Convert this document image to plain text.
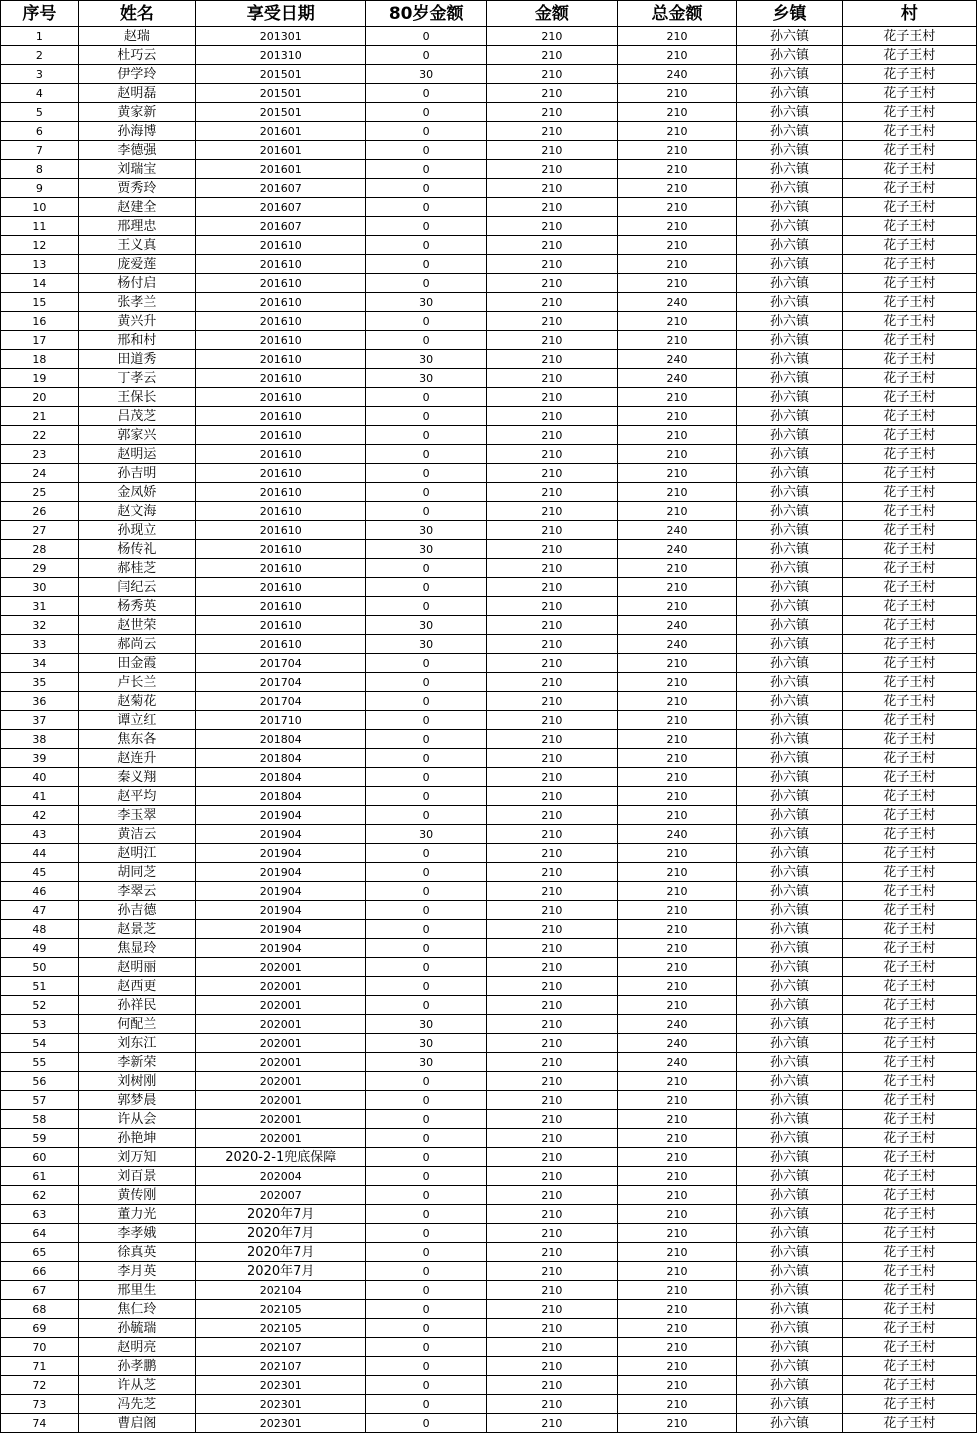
序号	姓名	享受日期	80岁金额	金额	总金额	乡镇	村
1	赵瑞	201301	0	210	210	孙六镇	花子王村
2	杜巧云	201310	0	210	210	孙六镇	花子王村
3	伊学玲	201501	30	210	240	孙六镇	花子王村
4	赵明磊	201501	0	210	210	孙六镇	花子王村
5	黄家新	201501	0	210	210	孙六镇	花子王村
6	孙海博	201601	0	210	210	孙六镇	花子王村
7	李德强	201601	0	210	210	孙六镇	花子王村
8	刘瑞宝	201601	0	210	210	孙六镇	花子王村
9	贾秀玲	201607	0	210	210	孙六镇	花子王村
10	赵建全	201607	0	210	210	孙六镇	花子王村
11	邢理忠	201607	0	210	210	孙六镇	花子王村
12	王义真	201610	0	210	210	孙六镇	花子王村
13	庞爱莲	201610	0	210	210	孙六镇	花子王村
14	杨付启	201610	0	210	210	孙六镇	花子王村
15	张孝兰	201610	30	210	240	孙六镇	花子王村
16	黄兴升	201610	0	210	210	孙六镇	花子王村
17	邢和村	201610	0	210	210	孙六镇	花子王村
18	田道秀	201610	30	210	240	孙六镇	花子王村
19	丁孝云	201610	30	210	240	孙六镇	花子王村
20	王保长	201610	0	210	210	孙六镇	花子王村
21	吕茂芝	201610	0	210	210	孙六镇	花子王村
22	郭家兴	201610	0	210	210	孙六镇	花子王村
23	赵明运	201610	0	210	210	孙六镇	花子王村
24	孙吉明	201610	0	210	210	孙六镇	花子王村
25	金凤娇	201610	0	210	210	孙六镇	花子王村
26	赵文海	201610	0	210	210	孙六镇	花子王村
27	孙现立	201610	30	210	240	孙六镇	花子王村
28	杨传礼	201610	30	210	240	孙六镇	花子王村
29	郝桂芝	201610	0	210	210	孙六镇	花子王村
30	闫纪云	201610	0	210	210	孙六镇	花子王村
31	杨秀英	201610	0	210	210	孙六镇	花子王村
32	赵世荣	201610	30	210	240	孙六镇	花子王村
33	郝尚云	201610	30	210	240	孙六镇	花子王村
34	田金霞	201704	0	210	210	孙六镇	花子王村
35	卢长兰	201704	0	210	210	孙六镇	花子王村
36	赵菊花	201704	0	210	210	孙六镇	花子王村
37	谭立红	201710	0	210	210	孙六镇	花子王村
38	焦东各	201804	0	210	210	孙六镇	花子王村
39	赵连升	201804	0	210	210	孙六镇	花子王村
40	秦义翔	201804	0	210	210	孙六镇	花子王村
41	赵平均	201804	0	210	210	孙六镇	花子王村
42	李玉翠	201904	0	210	210	孙六镇	花子王村
43	黄洁云	201904	30	210	240	孙六镇	花子王村
44	赵明江	201904	0	210	210	孙六镇	花子王村
45	胡同芝	201904	0	210	210	孙六镇	花子王村
46	李翠云	201904	0	210	210	孙六镇	花子王村
47	孙吉德	201904	0	210	210	孙六镇	花子王村
48	赵景芝	201904	0	210	210	孙六镇	花子王村
49	焦显玲	201904	0	210	210	孙六镇	花子王村
50	赵明丽	202001	0	210	210	孙六镇	花子王村
51	赵西更	202001	0	210	210	孙六镇	花子王村
52	孙祥民	202001	0	210	210	孙六镇	花子王村
53	何配兰	202001	30	210	240	孙六镇	花子王村
54	刘东江	202001	30	210	240	孙六镇	花子王村
55	李新荣	202001	30	210	240	孙六镇	花子王村
56	刘树刚	202001	0	210	210	孙六镇	花子王村
57	郭梦晨	202001	0	210	210	孙六镇	花子王村
58	许从会	202001	0	210	210	孙六镇	花子王村
59	孙艳坤	202001	0	210	210	孙六镇	花子王村
60	刘万知	2020-2-1兜底保障	0	210	210	孙六镇	花子王村
61	刘百景	202004	0	210	210	孙六镇	花子王村
62	黄传刚	202007	0	210	210	孙六镇	花子王村
63	董力光	2020年7月	0	210	210	孙六镇	花子王村
64	李孝娥	2020年7月	0	210	210	孙六镇	花子王村
65	徐真英	2020年7月	0	210	210	孙六镇	花子王村
66	李月英	2020年7月	0	210	210	孙六镇	花子王村
67	邢里生	202104	0	210	210	孙六镇	花子王村
68	焦仁玲	202105	0	210	210	孙六镇	花子王村
69	孙毓瑞	202105	0	210	210	孙六镇	花子王村
70	赵明亮	202107	0	210	210	孙六镇	花子王村
71	孙孝鹏	202107	0	210	210	孙六镇	花子王村
72	许从芝	202301	0	210	210	孙六镇	花子王村
73	冯先芝	202301	0	210	210	孙六镇	花子王村
74	曹启阁	202301	0	210	210	孙六镇	花子王村
